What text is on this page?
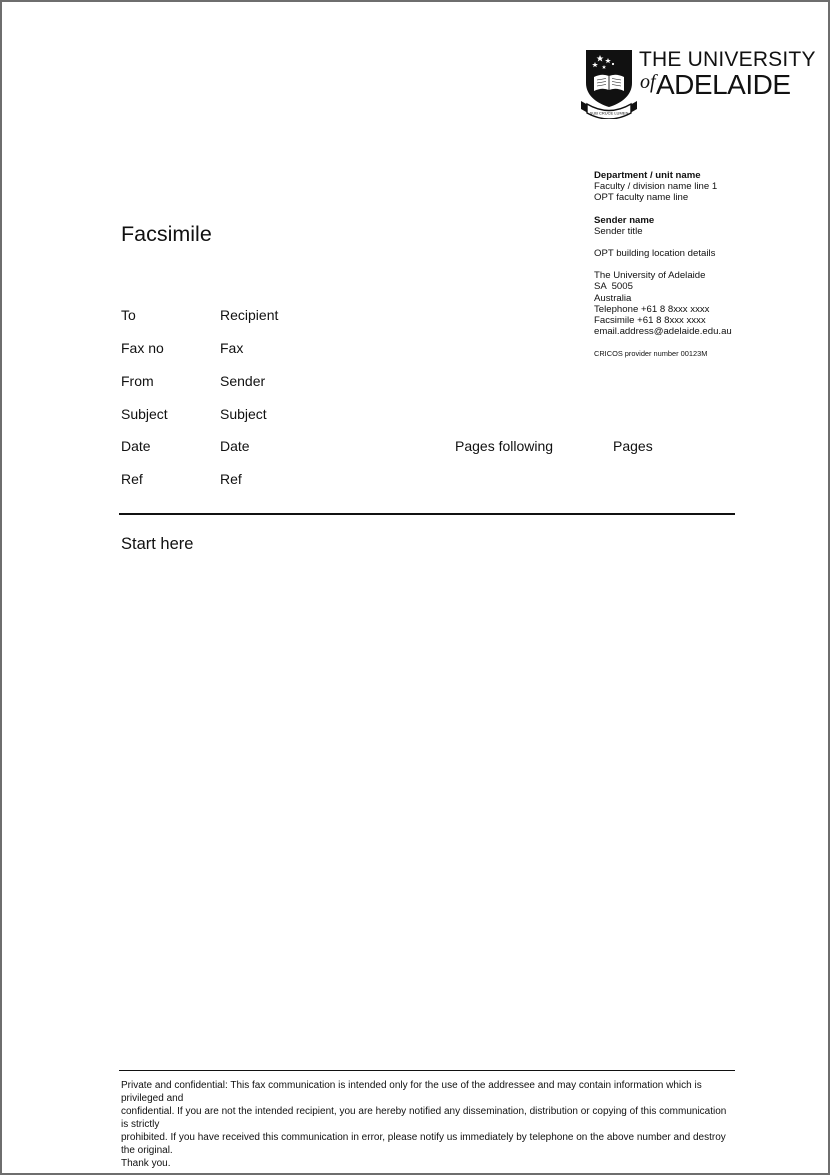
SUB CRUCE LUMEN
THE UNIVERSITY
of ADELAIDE
Department / unit name
Faculty / division name line 1
OPT faculty name line
Sender name
Sender title
OPT building location details
The University of Adelaide
SA  5005
Australia
Telephone +61 8 8xxx xxxx
Facsimile +61 8 8xxx xxxx
email.address@adelaide.edu.au
CRICOS provider number 00123M
Facsimile
To	Recipient
Fax no	Fax
From	Sender
Subject	Subject
Date	Date	Pages following	Pages
Ref	Ref
Start here
Private and confidential: This fax communication is intended only for the use of the addressee and may contain information which is privileged and
confidential. If you are not the intended recipient, you are hereby notified any dissemination, distribution or copying of this communication is strictly
prohibited. If you have received this communication in error, please notify us immediately by telephone on the above number and destroy the original.
Thank you.
